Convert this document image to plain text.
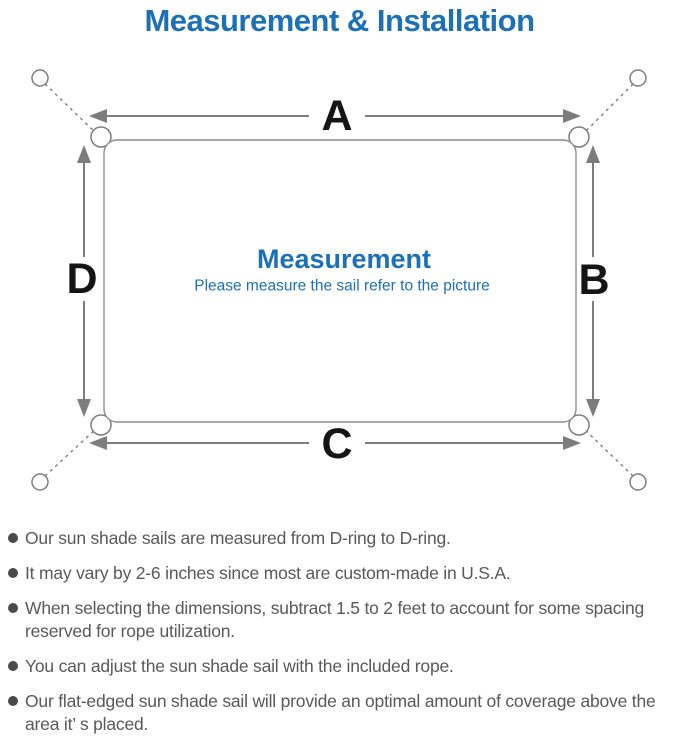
Measurement & Installation
A
B
C
D	Measurement
Please measure the sail refer to the picture
Our sun shade sails are measured from D-ring to D-ring.
It may vary by 2-6 inches since most are custom-made in U.S.A.
When selecting the dimensions, subtract 1.5 to 2 feet to account for some spacing reserved for rope utilization.
You can adjust the sun shade sail with the included rope.
Our flat-edged sun shade sail will provide an optimal amount of coverage above the area it’ s placed.
